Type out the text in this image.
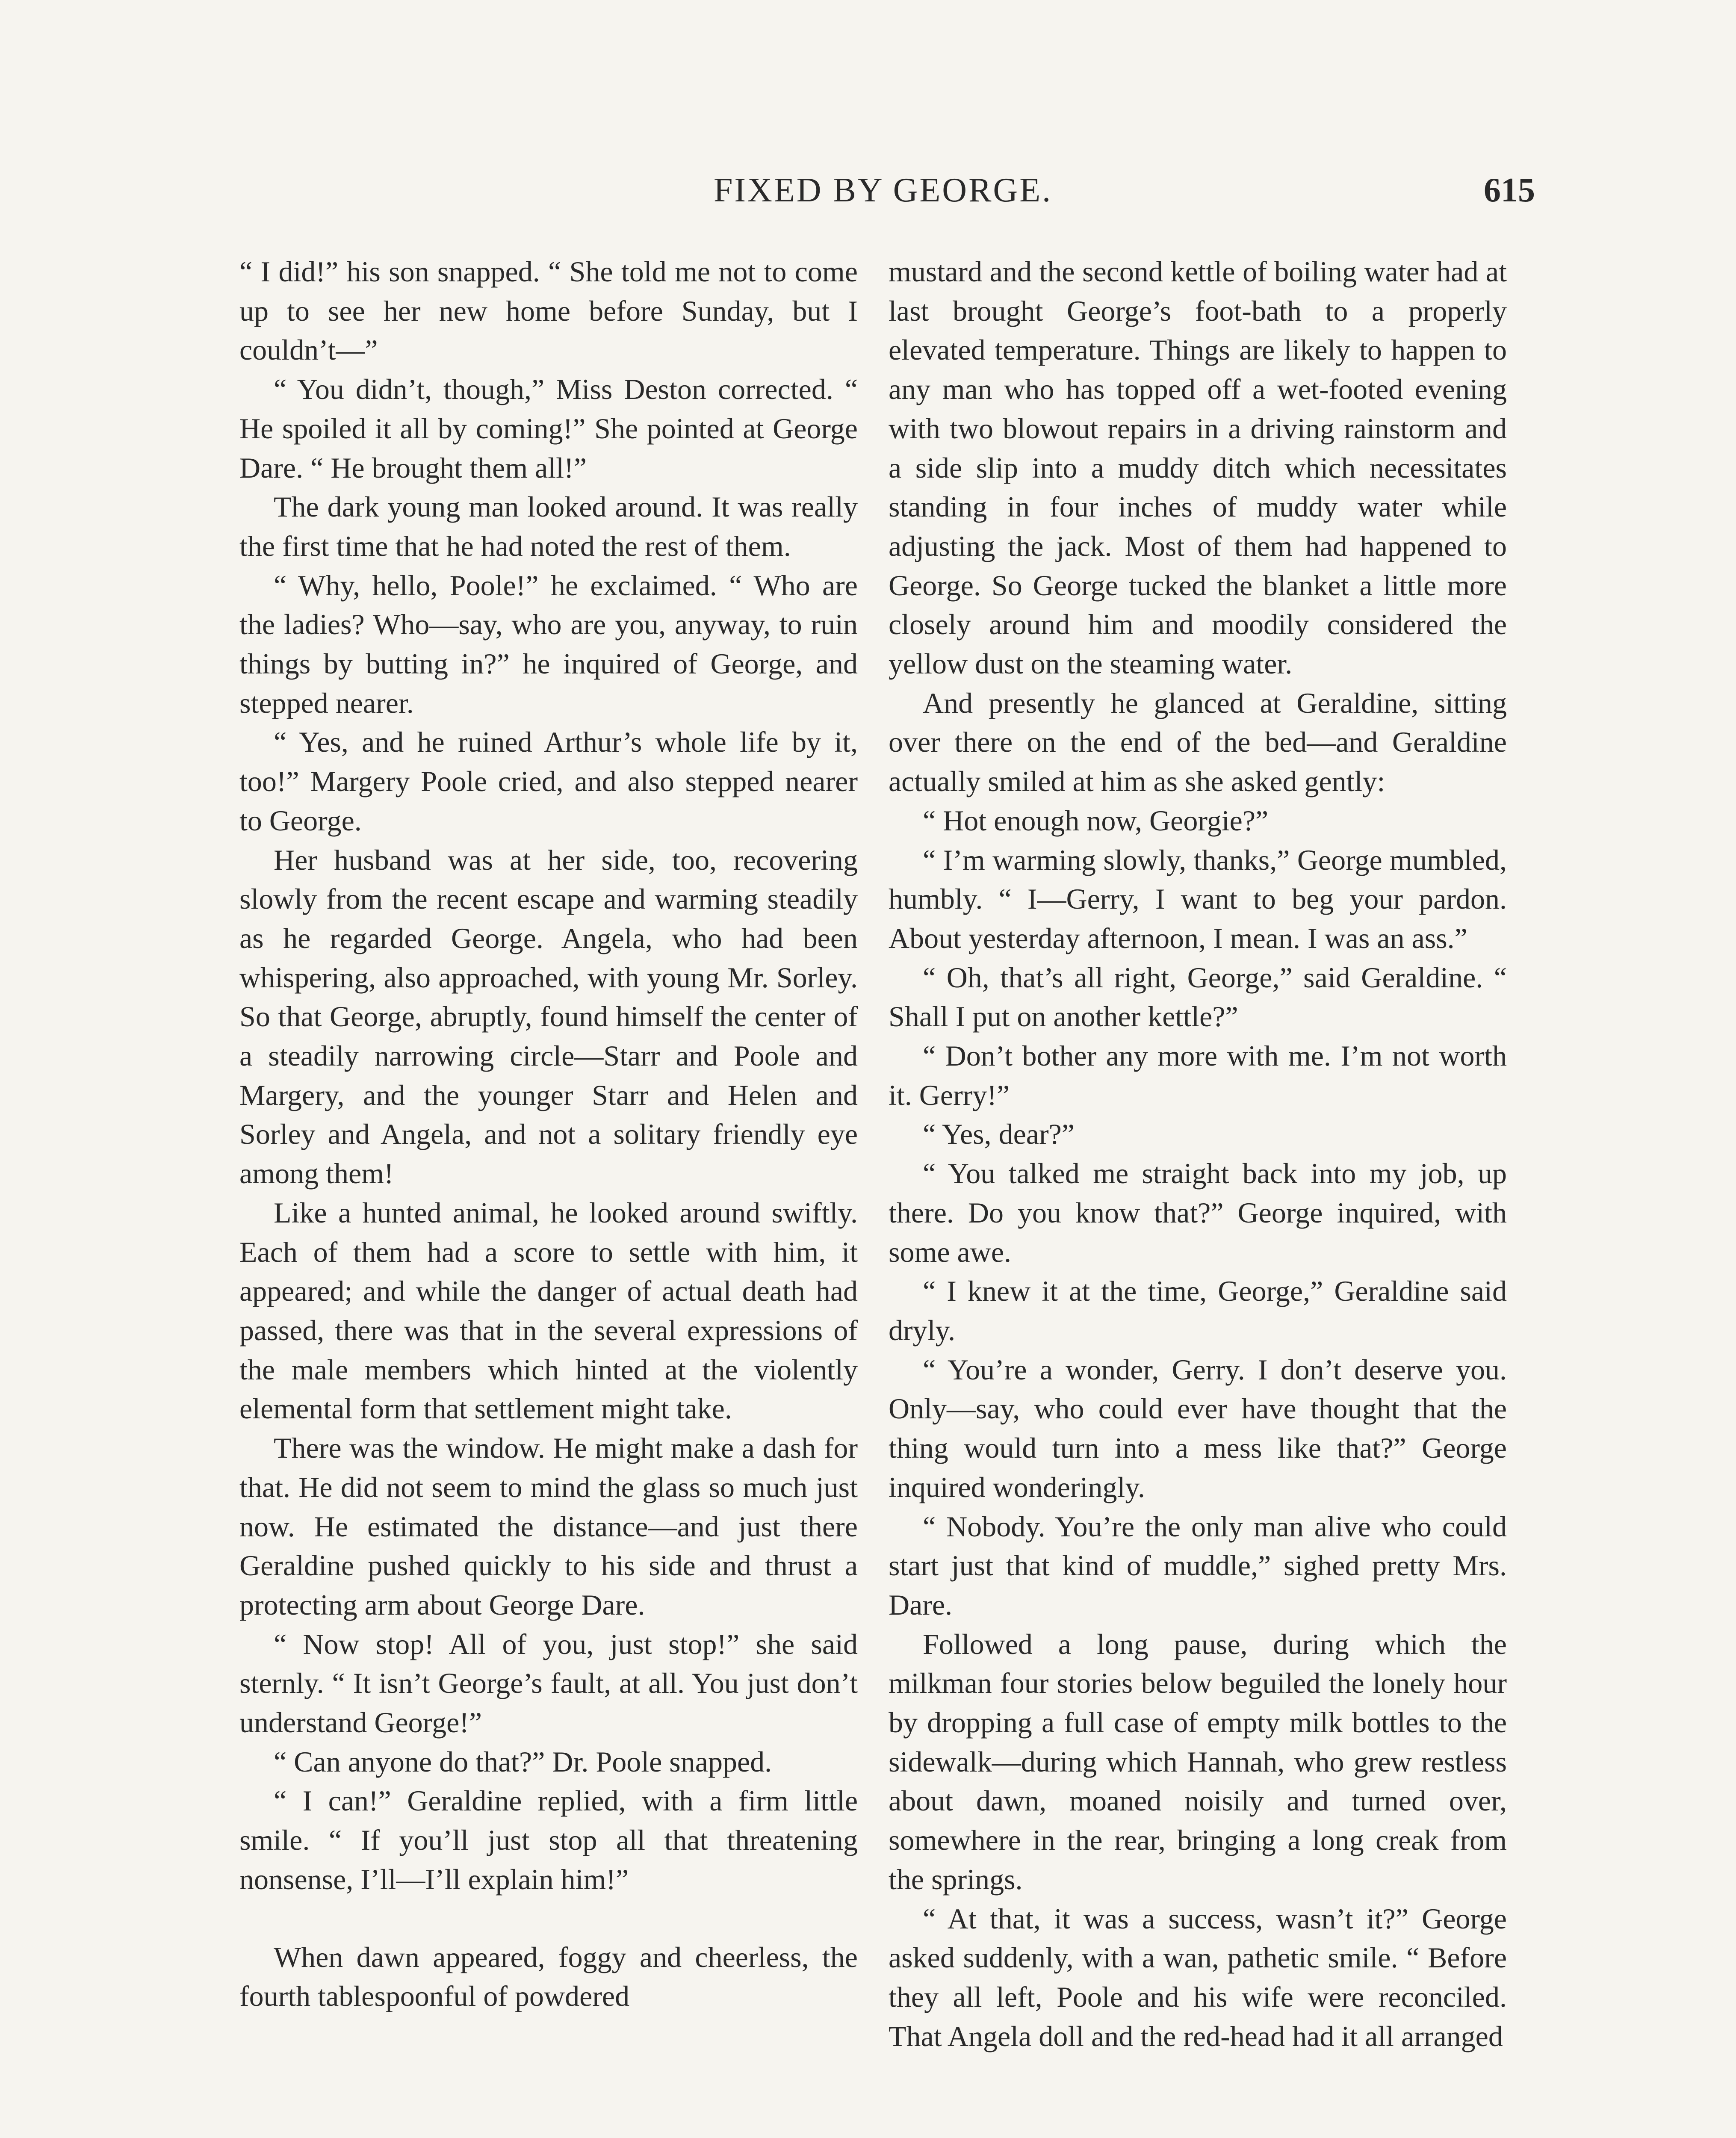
FIXED BY GEORGE.	615

“ I did!” his son snapped. “ She told me not to come up to see her new home before Sunday, but I couldn’t—”

“ You didn’t, though,” Miss Deston corrected. “ He spoiled it all by coming!” She pointed at George Dare. “ He brought them all!”

The dark young man looked around. It was really the first time that he had noted the rest of them.

“ Why, hello, Poole!” he exclaimed. “ Who are the ladies? Who—say, who are you, anyway, to ruin things by butting in?” he inquired of George, and stepped nearer.

“ Yes, and he ruined Arthur’s whole life by it, too!” Margery Poole cried, and also stepped nearer to George.

Her husband was at her side, too, recovering slowly from the recent escape and warming steadily as he regarded George. Angela, who had been whispering, also approached, with young Mr. Sorley. So that George, abruptly, found himself the center of a steadily narrowing circle—Starr and Poole and Margery, and the younger Starr and Helen and Sorley and Angela, and not a solitary friendly eye among them!

Like a hunted animal, he looked around swiftly. Each of them had a score to settle with him, it appeared; and while the danger of actual death had passed, there was that in the several expressions of the male members which hinted at the violently elemental form that settlement might take.

There was the window. He might make a dash for that. He did not seem to mind the glass so much just now. He estimated the distance—and just there Geraldine pushed quickly to his side and thrust a protecting arm about George Dare.

“ Now stop! All of you, just stop!” she said sternly. “ It isn’t George’s fault, at all. You just don’t understand George!”

“ Can anyone do that?” Dr. Poole snapped.

“ I can!” Geraldine replied, with a firm little smile. “ If you’ll just stop all that threatening nonsense, I’ll—I’ll explain him!”

When dawn appeared, foggy and cheerless, the fourth tablespoonful of powdered

mustard and the second kettle of boiling water had at last brought George’s foot-bath to a properly elevated temperature. Things are likely to happen to any man who has topped off a wet-footed evening with two blowout repairs in a driving rainstorm and a side slip into a muddy ditch which necessitates standing in four inches of muddy water while adjusting the jack. Most of them had happened to George. So George tucked the blanket a little more closely around him and moodily considered the yellow dust on the steaming water.

And presently he glanced at Geraldine, sitting over there on the end of the bed—and Geraldine actually smiled at him as she asked gently:

“ Hot enough now, Georgie?”

“ I’m warming slowly, thanks,” George mumbled, humbly. “ I—Gerry, I want to beg your pardon. About yesterday afternoon, I mean. I was an ass.”

“ Oh, that’s all right, George,” said Geraldine. “ Shall I put on another kettle?”

“ Don’t bother any more with me. I’m not worth it. Gerry!”

“ Yes, dear?”

“ You talked me straight back into my job, up there. Do you know that?” George inquired, with some awe.

“ I knew it at the time, George,” Geraldine said dryly.

“ You’re a wonder, Gerry. I don’t deserve you. Only—say, who could ever have thought that the thing would turn into a mess like that?” George inquired wonderingly.

“ Nobody. You’re the only man alive who could start just that kind of muddle,” sighed pretty Mrs. Dare.

Followed a long pause, during which the milkman four stories below beguiled the lonely hour by dropping a full case of empty milk bottles to the sidewalk—during which Hannah, who grew restless about dawn, moaned noisily and turned over, somewhere in the rear, bringing a long creak from the springs.

“ At that, it was a success, wasn’t it?” George asked suddenly, with a wan, pathetic smile. “ Before they all left, Poole and his wife were reconciled. That Angela doll and the red-head had it all arranged
